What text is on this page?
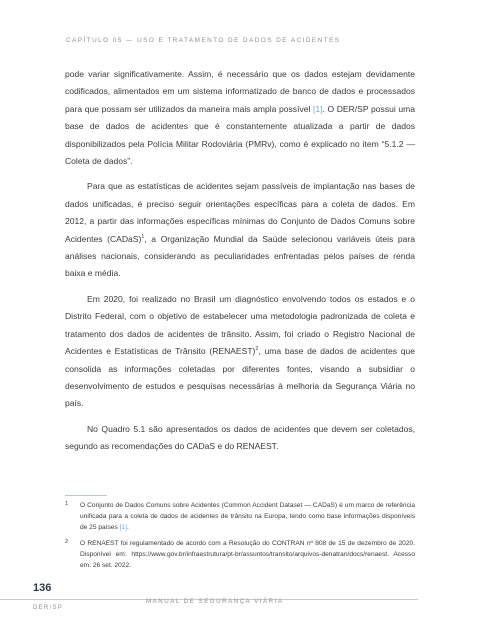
CAPÍTULO 05 — USO E TRATAMENTO DE DADOS DE ACIDENTES

pode variar significativamente. Assim, é necessário que os dados estejam devidamente codificados, alimentados em um sistema informatizado de banco de dados e processados para que possam ser utilizados da maneira mais ampla possível [1]. O DER/SP possui uma base de dados de acidentes que é constantemente atualizada a partir de dados disponibilizados pela Polícia Militar Rodoviária (PMRv), como é explicado no item “5.1.2 — Coleta de dados”.

Para que as estatísticas de acidentes sejam passíveis de implantação nas bases de dados unificadas, é preciso seguir orientações específicas para a coleta de dados. Em 2012, a partir das informações específicas mínimas do Conjunto de Dados Comuns sobre Acidentes (CADaS)$^1$, a Organização Mundial da Saúde selecionou variáveis úteis para análises nacionais, considerando as peculiaridades enfrentadas pelos países de renda baixa e média.

Em 2020, foi realizado no Brasil um diagnóstico envolvendo todos os estados e o Distrito Federal, com o objetivo de estabelecer uma metodologia padronizada de coleta e tratamento dos dados de acidentes de trânsito. Assim, foi criado o Registro Nacional de Acidentes e Estatísticas de Trânsito (RENAEST)$^2$, uma base de dados de acidentes que consolida as informações coletadas por diferentes fontes, visando a subsidiar o desenvolvimento de estudos e pesquisas necessárias à melhoria da Segurança Viária no país.

No Quadro 5.1 são apresentados os dados de acidentes que devem ser coletados, segundo as recomendações do CADaS e do RENAEST.

1	O Conjunto de Dados Comuns sobre Acidentes (Common Accident Dataset — CADaS) é um marco de referência unificada para a coleta de dados de acidentes de trânsito na Europa, tendo como base informações disponíveis de 25 países [1].
2	O RENAEST foi regulamentado de acordo com a Resolução do CONTRAN nº 808 de 15 de dezembro de 2020. Disponível em: https://www.gov.br/infraestrutura/pt-br/assuntos/transito/arquivos-denatran/docs/renaest. Acesso em: 26 set. 2022.
136
DER/SP
MANUAL DE SEGURANÇA VIÁRIA
